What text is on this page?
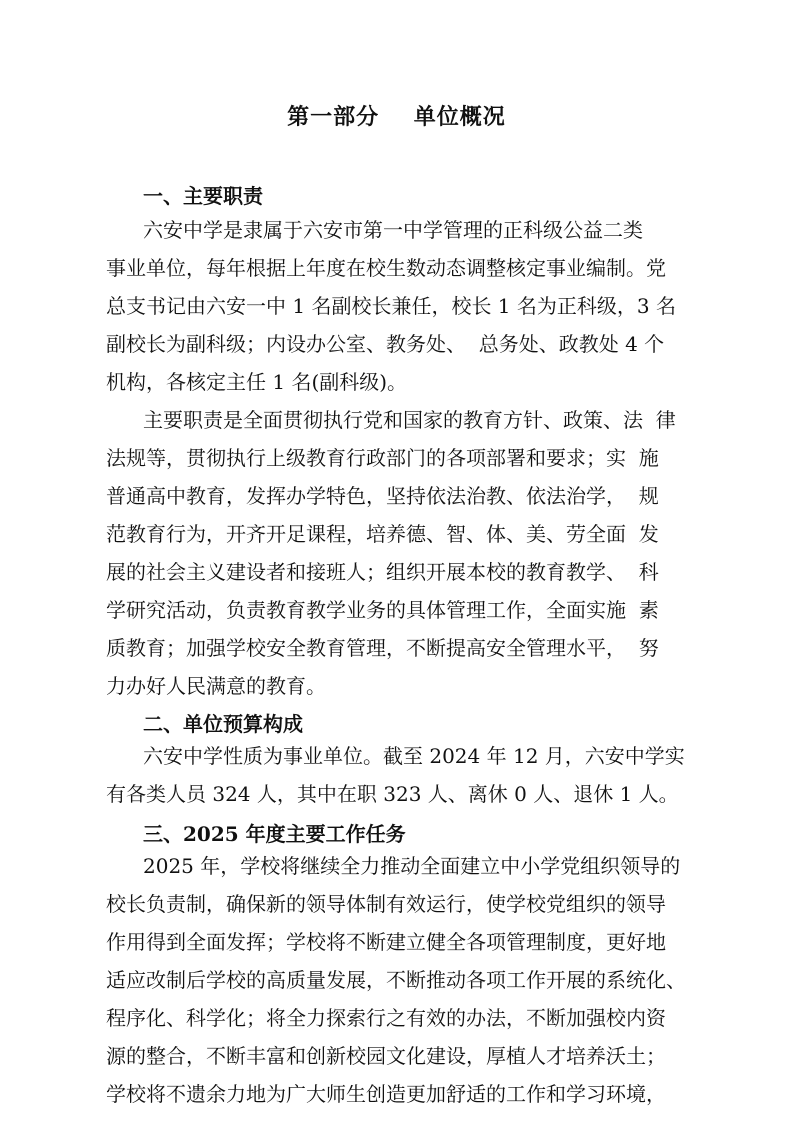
第一部分    单位概况
一、主要职责
六安中学是隶属于六安市第一中学管理的正科级公益二类
事业单位，每年根据上年度在校生数动态调整核定事业编制。党
总支书记由六安一中 1 名副校长兼任，校长 1 名为正科级，3 名
副校长为副科级；内设办公室、教务处、  总务处、政教处 4 个
机构，各核定主任 1 名(副科级)。
主要职责是全面贯彻执行党和国家的教育方针、政策、法  律
法规等，贯彻执行上级教育行政部门的各项部署和要求；实  施
普通高中教育，发挥办学特色，坚持依法治教、依法治学，  规
范教育行为，开齐开足课程，培养德、智、体、美、劳全面  发
展的社会主义建设者和接班人；组织开展本校的教育教学、  科
学研究活动，负责教育教学业务的具体管理工作，全面实施  素
质教育；加强学校安全教育管理，不断提高安全管理水平，  努
力办好人民满意的教育。
二、单位预算构成
六安中学性质为事业单位。截至 2024 年 12 月，六安中学实
有各类人员 324 人，其中在职 323 人、离休 0 人、退休 1 人。
三、2025 年度主要工作任务
2025 年，学校将继续全力推动全面建立中小学党组织领导的
校长负责制，确保新的领导体制有效运行，使学校党组织的领导
作用得到全面发挥；学校将不断建立健全各项管理制度，更好地
适应改制后学校的高质量发展，不断推动各项工作开展的系统化、
程序化、科学化；将全力探索行之有效的办法，不断加强校内资
源的整合，不断丰富和创新校园文化建设，厚植人才培养沃土；
学校将不遗余力地为广大师生创造更加舒适的工作和学习环境，
